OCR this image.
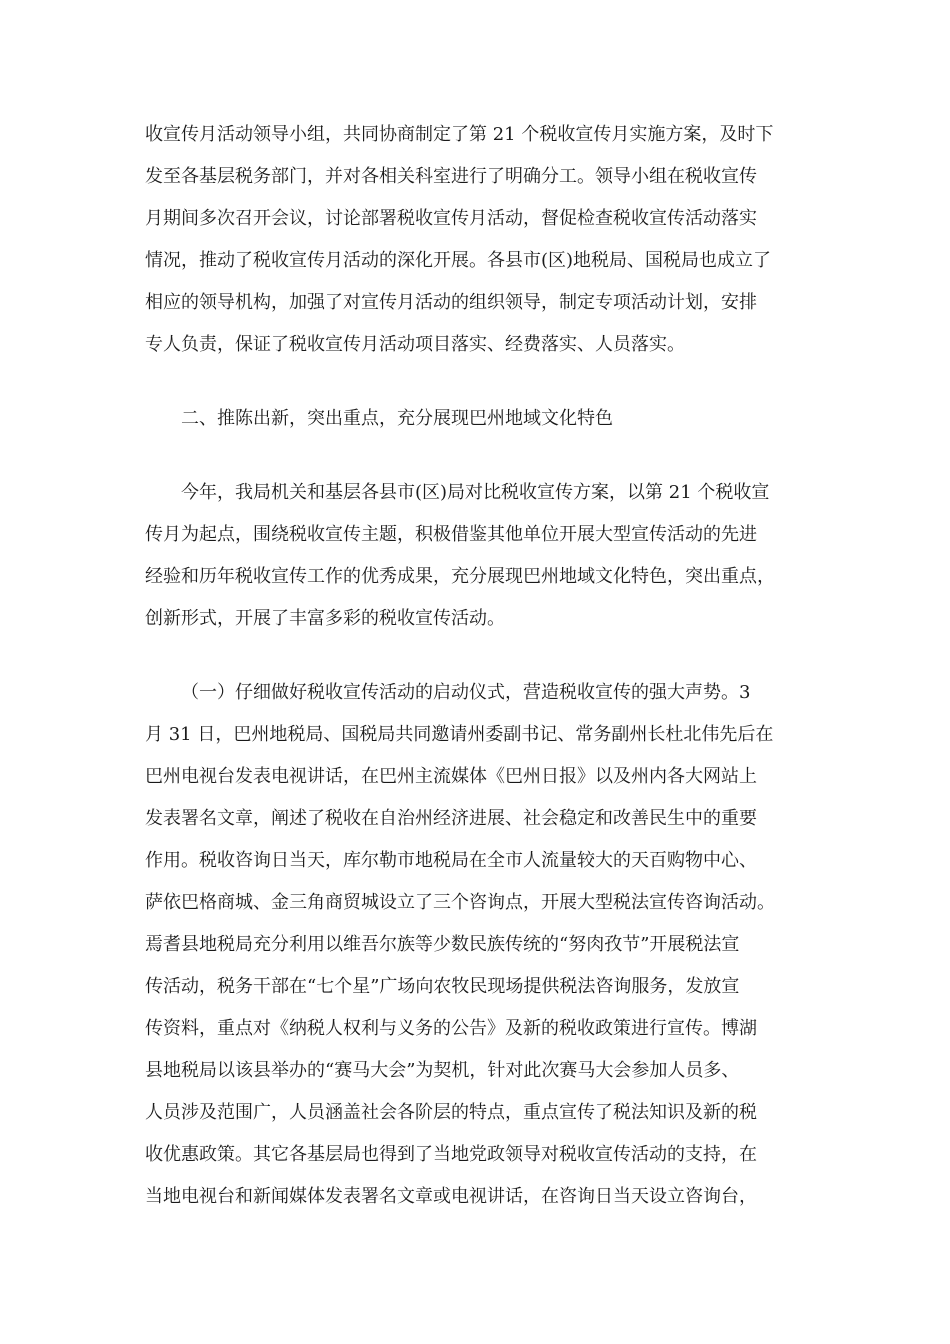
收宣传月活动领导小组，共同协商制定了第 21 个税收宣传月实施方案，及时下
发至各基层税务部门，并对各相关科室进行了明确分工。领导小组在税收宣传
月期间多次召开会议，讨论部署税收宣传月活动，督促检查税收宣传活动落实
情况，推动了税收宣传月活动的深化开展。各县市(区)地税局、国税局也成立了
相应的领导机构，加强了对宣传月活动的组织领导，制定专项活动计划，安排
专人负责，保证了税收宣传月活动项目落实、经费落实、人员落实。
二、推陈出新，突出重点，充分展现巴州地域文化特色
今年，我局机关和基层各县市(区)局对比税收宣传方案，以第 21 个税收宣
传月为起点，围绕税收宣传主题，积极借鉴其他单位开展大型宣传活动的先进
经验和历年税收宣传工作的优秀成果，充分展现巴州地域文化特色，突出重点，
创新形式，开展了丰富多彩的税收宣传活动。
（一）仔细做好税收宣传活动的启动仪式，营造税收宣传的强大声势。3
月 31 日，巴州地税局、国税局共同邀请州委副书记、常务副州长杜北伟先后在
巴州电视台发表电视讲话，在巴州主流媒体《巴州日报》以及州内各大网站上
发表署名文章，阐述了税收在自治州经济进展、社会稳定和改善民生中的重要
作用。税收咨询日当天，库尔勒市地税局在全市人流量较大的天百购物中心、
萨依巴格商城、金三角商贸城设立了三个咨询点，开展大型税法宣传咨询活动。
焉耆县地税局充分利用以维吾尔族等少数民族传统的“努肉孜节”开展税法宣
传活动，税务干部在“七个星”广场向农牧民现场提供税法咨询服务，发放宣
传资料，重点对《纳税人权利与义务的公告》及新的税收政策进行宣传。博湖
县地税局以该县举办的“赛马大会”为契机，针对此次赛马大会参加人员多、
人员涉及范围广，人员涵盖社会各阶层的特点，重点宣传了税法知识及新的税
收优惠政策。其它各基层局也得到了当地党政领导对税收宣传活动的支持，在
当地电视台和新闻媒体发表署名文章或电视讲话，在咨询日当天设立咨询台，
